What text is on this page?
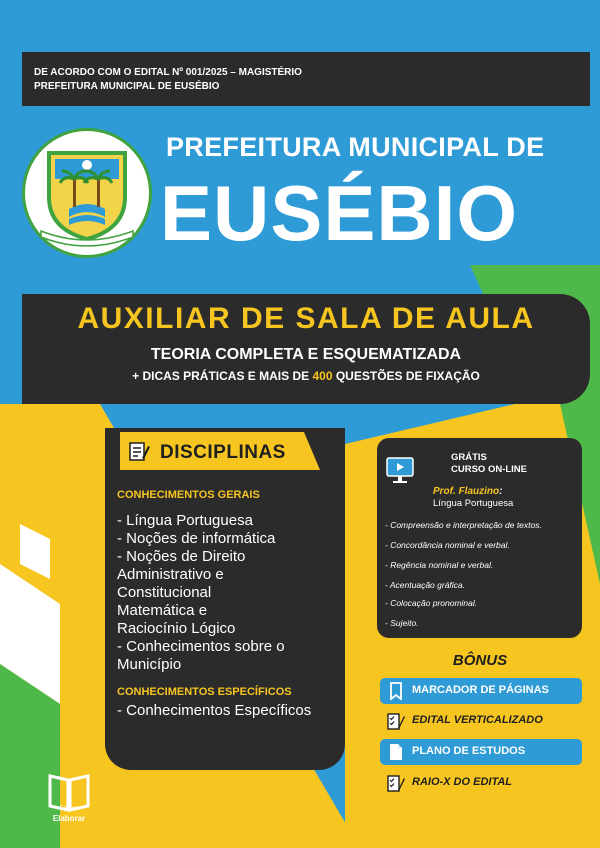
DE ACORDO COM O EDITAL Nº 001/2025 – MAGISTÉRIO
PREFEITURA MUNICIPAL DE EUSÉBIO
PREFEITURA MUNICIPAL DE
EUSÉBIO
AUXILIAR DE SALA DE AULA
TEORIA COMPLETA E ESQUEMATIZADA
+ DICAS PRÁTICAS E MAIS DE 400 QUESTÕES DE FIXAÇÃO
DISCIPLINAS
CONHECIMENTOS GERAIS
- Língua Portuguesa
- Noções de informática
- Noções de Direito
Administrativo e
Constitucional
Matemática e
Raciocínio Lógico
- Conhecimentos sobre o
Município
CONHECIMENTOS ESPECÍFICOS
- Conhecimentos Específicos
GRÁTIS
CURSO ON-LINE
Prof. Flauzino:
Língua Portuguesa
- Compreensão e interpretação de textos.
- Concordância nominal e verbal.
- Regência nominal e verbal.
- Acentuação gráfica.
- Colocação pronominal.
- Sujeito.
BÔNUS
MARCADOR DE PÁGINAS
EDITAL VERTICALIZADO
PLANO DE ESTUDOS
RAIO-X DO EDITAL
Editora
Elaborar
